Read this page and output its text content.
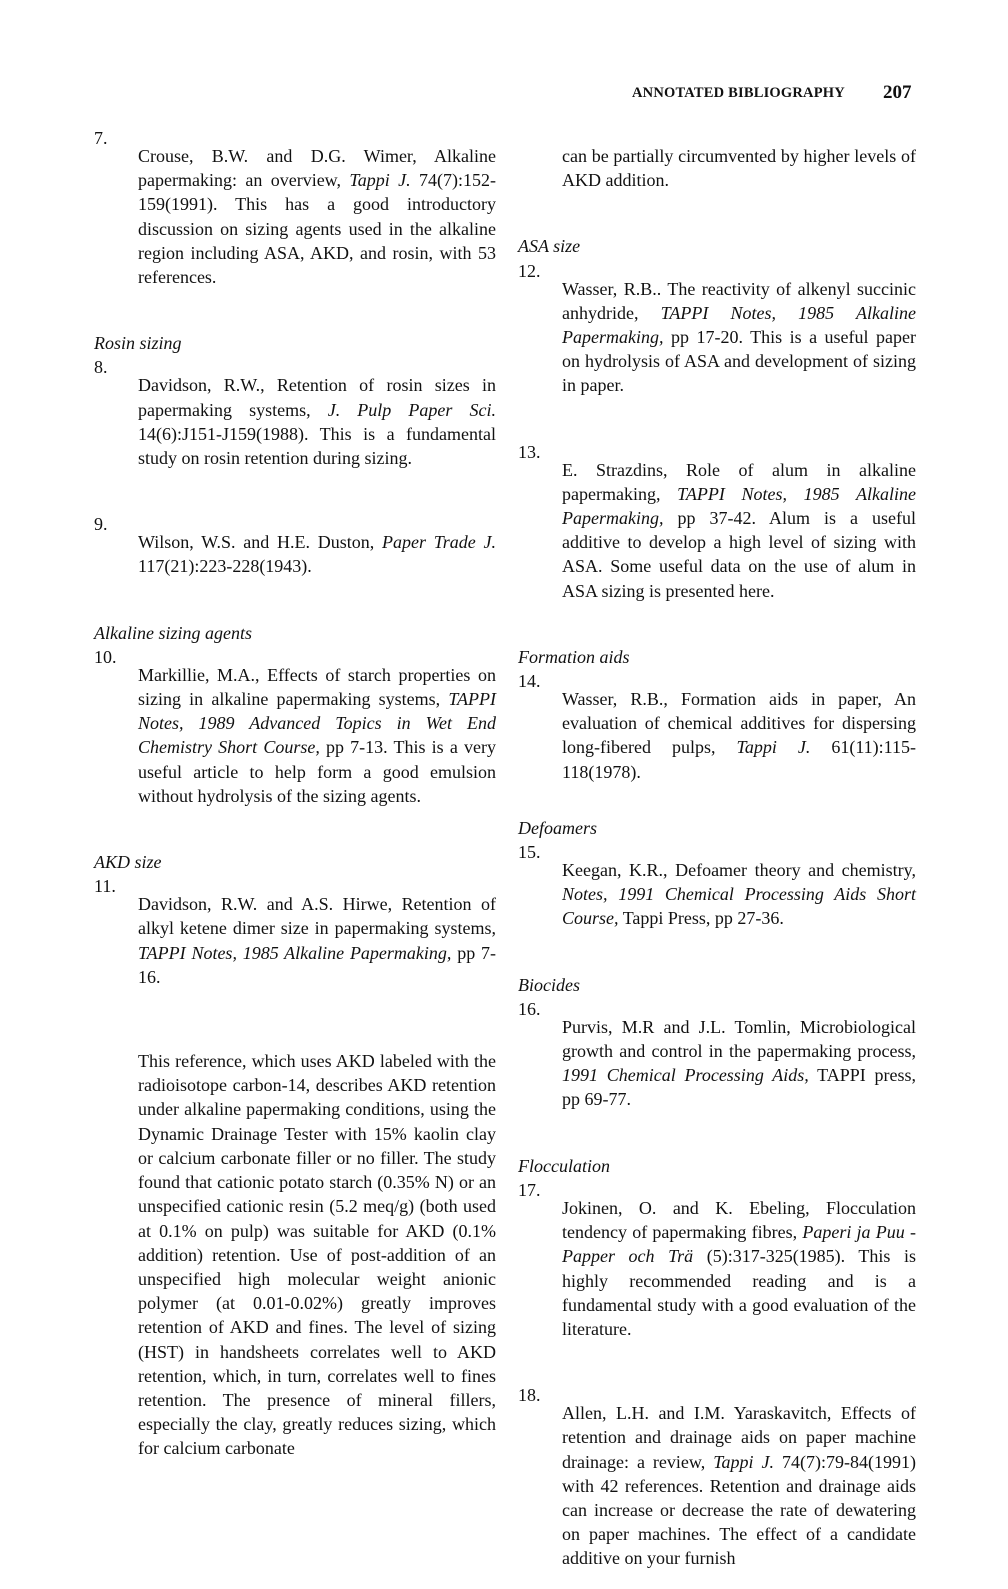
ANNOTATED BIBLIOGRAPHY 207
7.

Crouse, B.W. and D.G. Wimer, Alkaline papermaking: an overview, Tappi J. 74(7):152-159(1991). This has a good introductory discussion on sizing agents used in the alkaline region including ASA, AKD, and rosin, with 53 references.

Rosin sizing

8.

Davidson, R.W., Retention of rosin sizes in papermaking systems, J. Pulp Paper Sci. 14(6):J151-J159(1988). This is a fundamental study on rosin retention during sizing.

9.

Wilson, W.S. and H.E. Duston, Paper Trade J. 117(21):223-228(1943).

Alkaline sizing agents

10.

Markillie, M.A., Effects of starch properties on sizing in alkaline papermaking systems, TAPPI Notes, 1989 Advanced Topics in Wet End Chemistry Short Course, pp 7-13. This is a very useful article to help form a good emulsion without hydrolysis of the sizing agents.

AKD size

11.

Davidson, R.W. and A.S. Hirwe, Retention of alkyl ketene dimer size in papermaking systems, TAPPI Notes, 1985 Alkaline Papermaking, pp 7-16.

This reference, which uses AKD labeled with the radioisotope carbon-14, describes AKD retention under alkaline papermaking conditions, using the Dynamic Drainage Tester with 15% kaolin clay or calcium carbonate filler or no filler. The study found that cationic potato starch (0.35% N) or an unspecified cationic resin (5.2 meq/g) (both used at 0.1% on pulp) was suitable for AKD (0.1% addition) retention. Use of post-addition of an unspecified high molecular weight anionic polymer (at 0.01-0.02%) greatly improves retention of AKD and fines. The level of sizing (HST) in handsheets correlates well to AKD retention, which, in turn, correlates well to fines retention. The presence of mineral fillers, especially the clay, greatly reduces sizing, which for calcium carbonate

can be partially circumvented by higher levels of AKD addition.

ASA size

12.

Wasser, R.B.. The reactivity of alkenyl succinic anhydride, TAPPI Notes, 1985 Alkaline Papermaking, pp 17-20. This is a useful paper on hydrolysis of ASA and development of sizing in paper.

13.

E. Strazdins, Role of alum in alkaline papermaking, TAPPI Notes, 1985 Alkaline Papermaking, pp 37-42. Alum is a useful additive to develop a high level of sizing with ASA. Some useful data on the use of alum in ASA sizing is presented here.

Formation aids

14.

Wasser, R.B., Formation aids in paper, An evaluation of chemical additives for dispersing long-fibered pulps, Tappi J. 61(11):115-118(1978).

Defoamers

15.

Keegan, K.R., Defoamer theory and chemistry, Notes, 1991 Chemical Processing Aids Short Course, Tappi Press, pp 27-36.

Biocides

16.

Purvis, M.R and J.L. Tomlin, Microbiological growth and control in the papermaking process, 1991 Chemical Processing Aids, TAPPI press, pp 69-77.

Flocculation

17.

Jokinen, O. and K. Ebeling, Flocculation tendency of papermaking fibres, Paperi ja Puu - Papper och Trä (5):317-325(1985). This is highly recommended reading and is a fundamental study with a good evaluation of the literature.

18.

Allen, L.H. and I.M. Yaraskavitch, Effects of retention and drainage aids on paper machine drainage: a review, Tappi J. 74(7):79-84(1991) with 42 references. Retention and drainage aids can increase or decrease the rate of dewatering on paper machines. The effect of a candidate additive on your furnish
